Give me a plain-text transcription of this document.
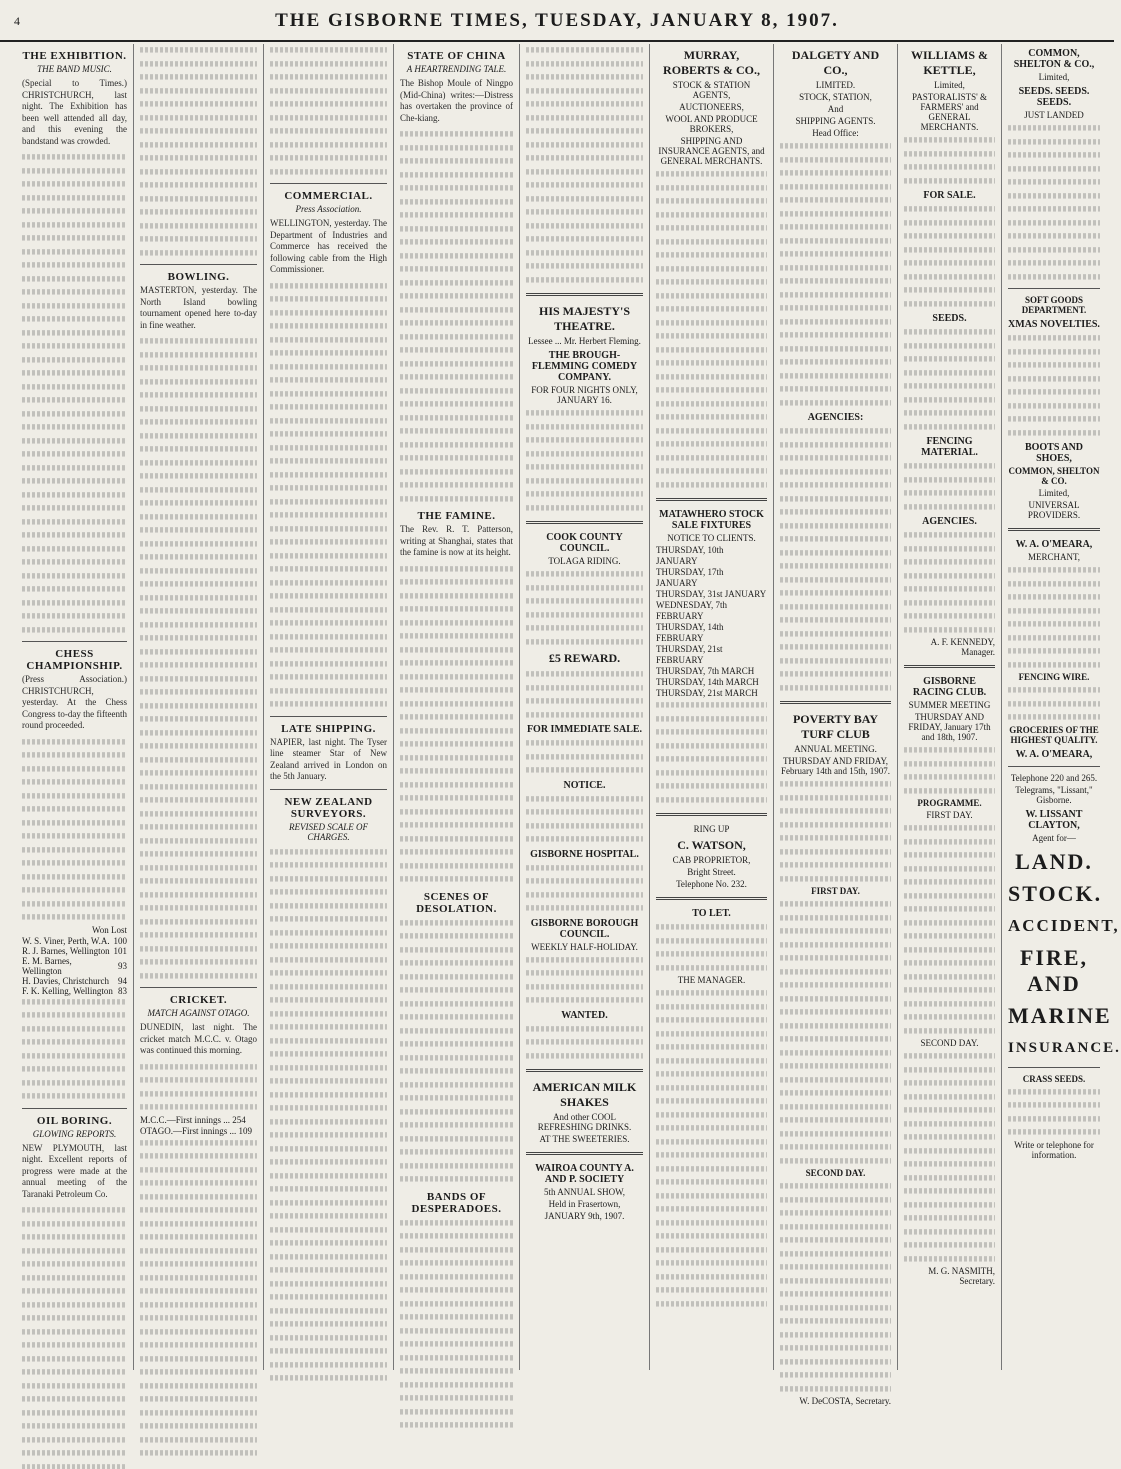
4	THE GISBORNE TIMES, TUESDAY, JANUARY 8, 1907.
THE EXHIBITION.
THE BAND MUSIC.

(Special to Times.) CHRISTCHURCH, last night. The Exhibition has been well attended all day, and this evening the bandstand was crowded.

CHESS CHAMPIONSHIP.

(Press Association.) CHRISTCHURCH, yesterday. At the Chess Congress to-day the fifteenth round proceeded.

Won Lost

W. S. Viner, Perth, W.A.	10	0
R. J. Barnes, Wellington	10	1
E. M. Barnes, Wellington	9	3
H. Davies, Christchurch	9	4
F. K. Kelling, Wellington	8	3
OIL BORING.
GLOWING REPORTS.

NEW PLYMOUTH, last night. Excellent reports of progress were made at the annual meeting of the Taranaki Petroleum Co.

BOWLING.

MASTERTON, yesterday. The North Island bowling tournament opened here to-day in fine weather.

CRICKET.
MATCH AGAINST OTAGO.

DUNEDIN, last night. The cricket match M.C.C. v. Otago was continued this morning.

M.C.C.—First innings ... 254

OTAGO.—First innings ... 109

COMMERCIAL.
Press Association.

WELLINGTON, yesterday. The Department of Industries and Commerce has received the following cable from the High Commissioner.

LATE SHIPPING.

NAPIER, last night. The Tyser line steamer Star of New Zealand arrived in London on the 5th January.

NEW ZEALAND SURVEYORS.
REVISED SCALE OF CHARGES.
STATE OF CHINA
A HEARTRENDING TALE.

The Bishop Moule of Ningpo (Mid-China) writes:—Distress has overtaken the province of Che-kiang.

THE FAMINE.

The Rev. R. T. Patterson, writing at Shanghai, states that the famine is now at its height.

SCENES OF DESOLATION.
BANDS OF DESPERADOES.
HIS MAJESTY'S THEATRE.
Lessee ... Mr. Herbert Fleming.
THE BROUGH-FLEMMING COMEDY COMPANY.
FOR FOUR NIGHTS ONLY, JANUARY 16.
COOK COUNTY COUNCIL.
TOLAGA RIDING.
£5 REWARD.
FOR IMMEDIATE SALE.
NOTICE.
GISBORNE HOSPITAL.
GISBORNE BOROUGH COUNCIL.
WEEKLY HALF-HOLIDAY.
WANTED.
AMERICAN MILK SHAKES
And other COOL REFRESHING DRINKS.
AT THE SWEETERIES.
WAIROA COUNTY A. AND P. SOCIETY
5th ANNUAL SHOW,
Held in Frasertown,
JANUARY 9th, 1907.
MURRAY, ROBERTS & CO.,
STOCK & STATION AGENTS,
AUCTIONEERS,
WOOL AND PRODUCE BROKERS,
SHIPPING AND INSURANCE AGENTS, and GENERAL MERCHANTS.
MATAWHERO STOCK SALE FIXTURES
NOTICE TO CLIENTS.

THURSDAY, 10th JANUARY

THURSDAY, 17th JANUARY

THURSDAY, 31st JANUARY

WEDNESDAY, 7th FEBRUARY

THURSDAY, 14th FEBRUARY

THURSDAY, 21st FEBRUARY

THURSDAY, 7th MARCH

THURSDAY, 14th MARCH

THURSDAY, 21st MARCH

RING UP
C. WATSON,
CAB PROPRIETOR,
Bright Street.
Telephone No. 232.
TO LET.
THE MANAGER.
DALGETY AND CO.,
LIMITED.
STOCK, STATION,
And
SHIPPING AGENTS.
Head Office:
AGENCIES:
POVERTY BAY TURF CLUB
ANNUAL MEETING.
THURSDAY AND FRIDAY, February 14th and 15th, 1907.
FIRST DAY.
SECOND DAY.
W. DeCOSTA, Secretary.
WILLIAMS & KETTLE,
Limited,
PASTORALISTS' & FARMERS' and GENERAL MERCHANTS.
FOR SALE.
SEEDS.
FENCING MATERIAL.
AGENCIES.
A. F. KENNEDY, Manager.
GISBORNE RACING CLUB.
SUMMER MEETING
THURSDAY AND FRIDAY, January 17th and 18th, 1907.
PROGRAMME.
FIRST DAY.
SECOND DAY.
M. G. NASMITH, Secretary.
COMMON, SHELTON & CO.,
Limited,
SEEDS. SEEDS. SEEDS.
JUST LANDED
SOFT GOODS DEPARTMENT.
XMAS NOVELTIES.
BOOTS AND SHOES,
COMMON, SHELTON & CO.
Limited,
UNIVERSAL PROVIDERS.
W. A. O'MEARA,
MERCHANT,
FENCING WIRE.
GROCERIES OF THE HIGHEST QUALITY.
W. A. O'MEARA,
Telephone 220 and 265.
Telegrams, "Lissant," Gisborne.
W. LISSANT CLAYTON,
Agent for—
LAND.
STOCK.
ACCIDENT,
FIRE, AND
MARINE
INSURANCE.
CRASS SEEDS.
Write or telephone for information.
